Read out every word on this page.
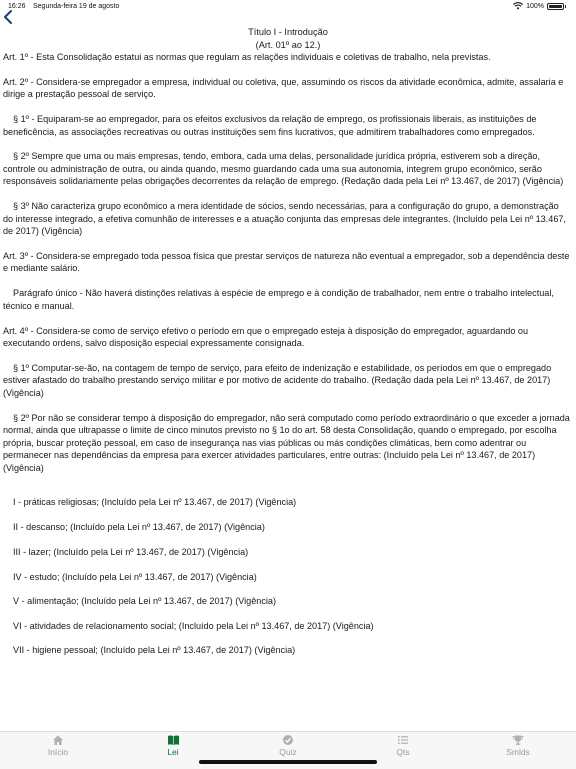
16:26 Segunda-feira 19 de agosto	100%
Título I - Introdução
(Art. 01º ao 12.)

Art. 1º - Esta Consolidação estatui as normas que regulam as relações individuais e coletivas de trabalho, nela previstas.

Art. 2º - Considera-se empregador a empresa, individual ou coletiva, que, assumindo os riscos da atividade econômica, admite, assalaria e dirige a prestação pessoal de serviço.

§ 1º - Equiparam-se ao empregador, para os efeitos exclusivos da relação de emprego, os profissionais liberais, as instituições de beneficência, as associações recreativas ou outras instituições sem fins lucrativos, que admitirem trabalhadores como empregados.

§ 2º Sempre que uma ou mais empresas, tendo, embora, cada uma delas, personalidade jurídica própria, estiverem sob a direção, controle ou administração de outra, ou ainda quando, mesmo guardando cada uma sua autonomia, integrem grupo econômico, serão responsáveis solidariamente pelas obrigações decorrentes da relação de emprego. (Redação dada pela Lei nº 13.467, de 2017) (Vigência)

§ 3º Não caracteriza grupo econômico a mera identidade de sócios, sendo necessárias, para a configuração do grupo, a demonstração do interesse integrado, a efetiva comunhão de interesses e a atuação conjunta das empresas dele integrantes. (Incluído pela Lei nº 13.467, de 2017) (Vigência)

Art. 3º - Considera-se empregado toda pessoa física que prestar serviços de natureza não eventual a empregador, sob a dependência deste e mediante salário.

Parágrafo único - Não haverá distinções relativas à espécie de emprego e à condição de trabalhador, nem entre o trabalho intelectual, técnico e manual.

Art. 4º - Considera-se como de serviço efetivo o período em que o empregado esteja à disposição do empregador, aguardando ou executando ordens, salvo disposição especial expressamente consignada.

§ 1º Computar-se-ão, na contagem de tempo de serviço, para efeito de indenização e estabilidade, os períodos em que o empregado estiver afastado do trabalho prestando serviço militar e por motivo de acidente do trabalho. (Redação dada pela Lei nº 13.467, de 2017) (Vigência)

§ 2º Por não se considerar tempo à disposição do empregador, não será computado como período extraordinário o que exceder a jornada normal, ainda que ultrapasse o limite de cinco minutos previsto no § 1o do art. 58 desta Consolidação, quando o empregado, por escolha própria, buscar proteção pessoal, em caso de insegurança nas vias públicas ou más condições climáticas, bem como adentrar ou permanecer nas dependências da empresa para exercer atividades particulares, entre outras: (Incluído pela Lei nº 13.467, de 2017) (Vigência)

I - práticas religiosas; (Incluído pela Lei nº 13.467, de 2017) (Vigência)
II - descanso; (Incluído pela Lei nº 13.467, de 2017) (Vigência)
III - lazer; (Incluído pela Lei nº 13.467, de 2017) (Vigência)
IV - estudo; (Incluído pela Lei nº 13.467, de 2017) (Vigência)
V - alimentação; (Incluído pela Lei nº 13.467, de 2017) (Vigência)
VI - atividades de relacionamento social; (Incluído pela Lei nº 13.467, de 2017) (Vigência)
VII - higiene pessoal; (Incluído pela Lei nº 13.467, de 2017) (Vigência)
Início	Lei	Quiz	Qts	Smlds
